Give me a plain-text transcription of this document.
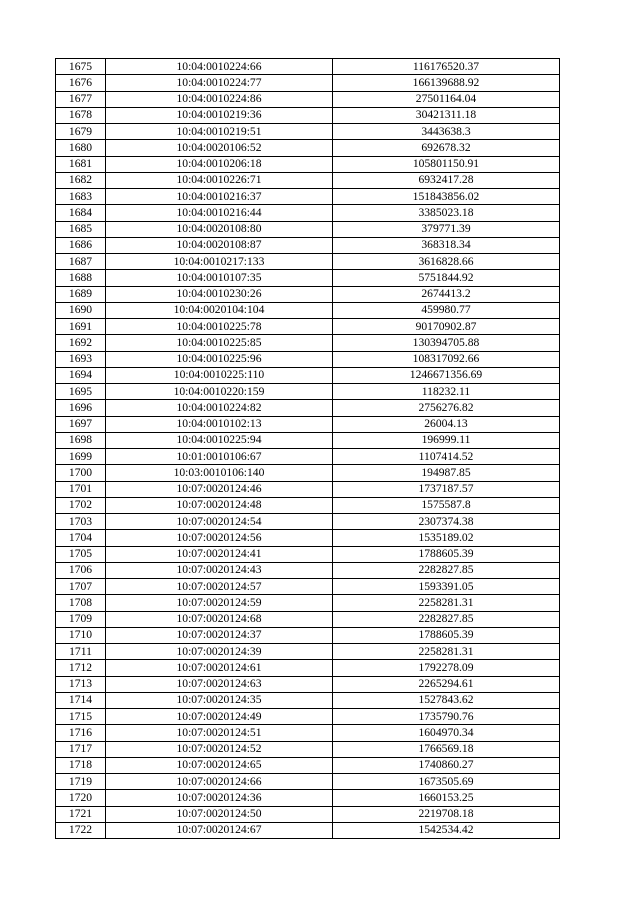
1675	10:04:0010224:66	116176520.37
1676	10:04:0010224:77	166139688.92
1677	10:04:0010224:86	27501164.04
1678	10:04:0010219:36	30421311.18
1679	10:04:0010219:51	3443638.3
1680	10:04:0020106:52	692678.32
1681	10:04:0010206:18	105801150.91
1682	10:04:0010226:71	6932417.28
1683	10:04:0010216:37	151843856.02
1684	10:04:0010216:44	3385023.18
1685	10:04:0020108:80	379771.39
1686	10:04:0020108:87	368318.34
1687	10:04:0010217:133	3616828.66
1688	10:04:0010107:35	5751844.92
1689	10:04:0010230:26	2674413.2
1690	10:04:0020104:104	459980.77
1691	10:04:0010225:78	90170902.87
1692	10:04:0010225:85	130394705.88
1693	10:04:0010225:96	108317092.66
1694	10:04:0010225:110	1246671356.69
1695	10:04:0010220:159	118232.11
1696	10:04:0010224:82	2756276.82
1697	10:04:0010102:13	26004.13
1698	10:04:0010225:94	196999.11
1699	10:01:0010106:67	1107414.52
1700	10:03:0010106:140	194987.85
1701	10:07:0020124:46	1737187.57
1702	10:07:0020124:48	1575587.8
1703	10:07:0020124:54	2307374.38
1704	10:07:0020124:56	1535189.02
1705	10:07:0020124:41	1788605.39
1706	10:07:0020124:43	2282827.85
1707	10:07:0020124:57	1593391.05
1708	10:07:0020124:59	2258281.31
1709	10:07:0020124:68	2282827.85
1710	10:07:0020124:37	1788605.39
1711	10:07:0020124:39	2258281.31
1712	10:07:0020124:61	1792278.09
1713	10:07:0020124:63	2265294.61
1714	10:07:0020124:35	1527843.62
1715	10:07:0020124:49	1735790.76
1716	10:07:0020124:51	1604970.34
1717	10:07:0020124:52	1766569.18
1718	10:07:0020124:65	1740860.27
1719	10:07:0020124:66	1673505.69
1720	10:07:0020124:36	1660153.25
1721	10:07:0020124:50	2219708.18
1722	10:07:0020124:67	1542534.42
